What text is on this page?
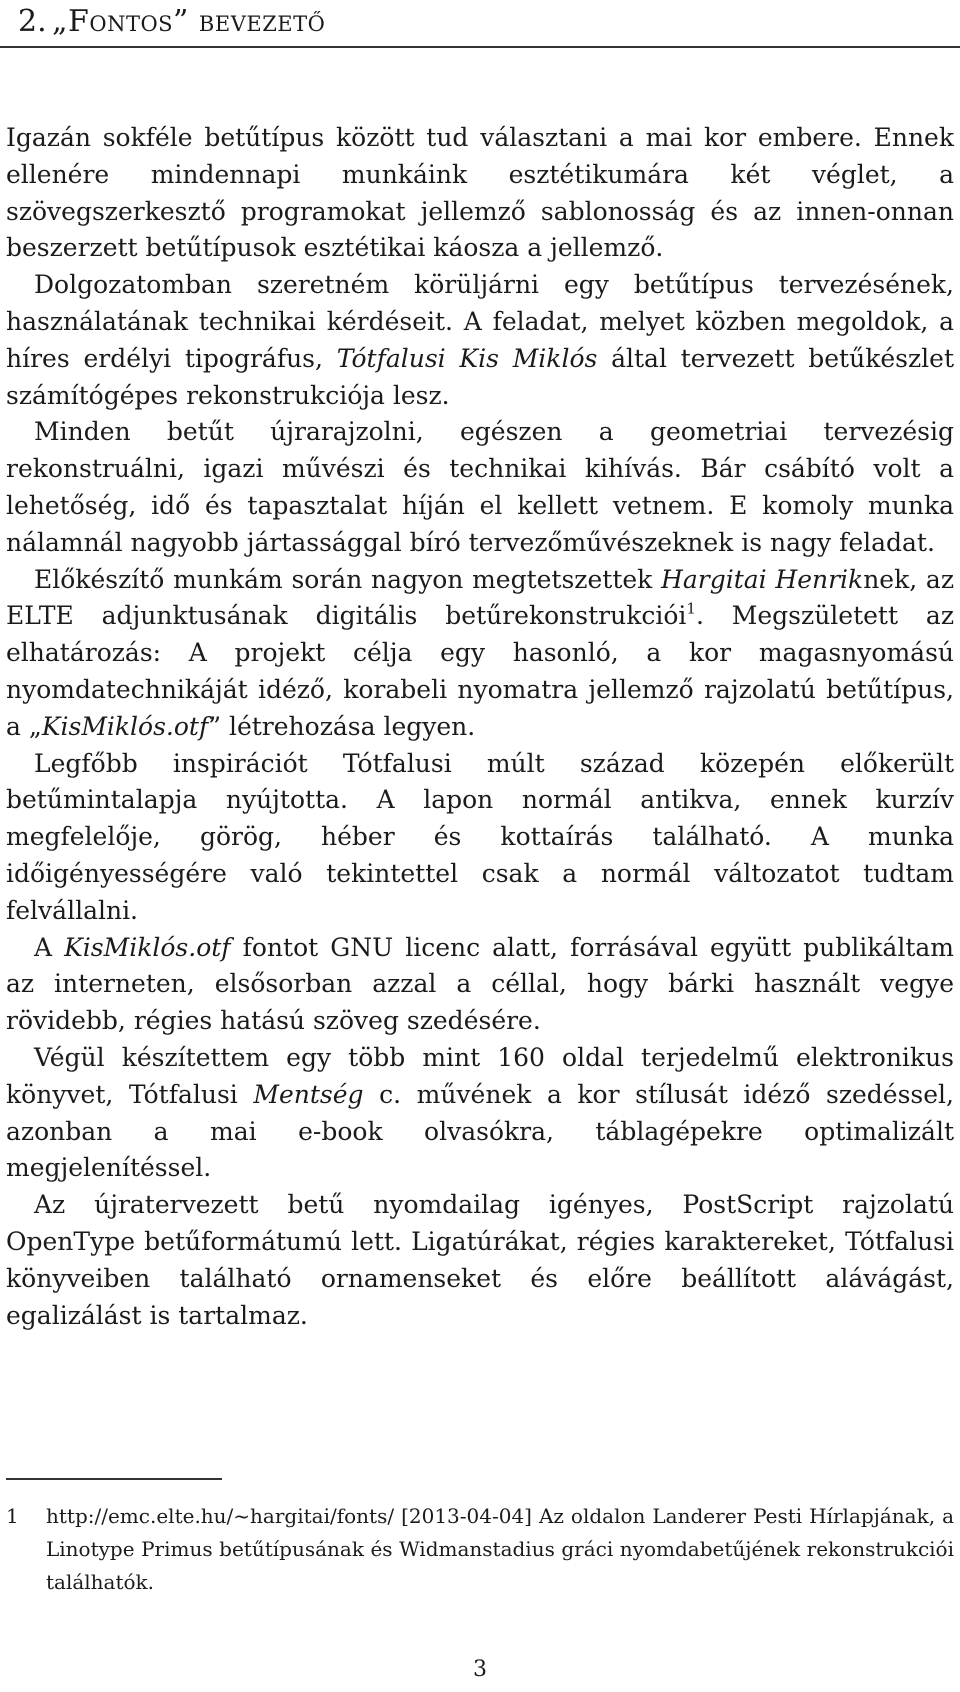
2. „Fontos” bevezető

Igazán sokféle betűtípus között tud választani a mai kor embere. Ennek ellenére mindennapi munkáink esztétikumára két véglet, a szövegszerkesztő programokat jellemző sablonosság és az innen-onnan beszerzett betűtípusok esztétikai káosza a jellemző.

Dolgozatomban szeretném körüljárni egy betűtípus tervezésének, használatának technikai kérdéseit. A feladat, melyet közben megoldok, a híres erdélyi tipográfus, Tótfalusi Kis Miklós által tervezett betűkészlet számítógépes rekonstrukciója lesz.

Minden betűt újrarajzolni, egészen a geometriai tervezésig rekonstruálni, igazi művészi és technikai kihívás. Bár csábító volt a lehetőség, idő és tapasztalat híján el kellett vetnem. E komoly munka nálamnál nagyobb jártassággal bíró tervezőművészeknek is nagy feladat.

Előkészítő munkám során nagyon megtetszettek Hargitai Henriknek, az ELTE adjunktusának digitális betűrekonstrukciói$^1$. Megszületett az elhatározás: A projekt célja egy hasonló, a kor magasnyomású nyomdatechnikáját idéző, korabeli nyomatra jellemző rajzolatú betűtípus, a „KisMiklós.otf” létrehozása legyen.

Legfőbb inspirációt Tótfalusi múlt század közepén előkerült betűmintalapja nyújtotta. A lapon normál antikva, ennek kurzív megfelelője, görög, héber és kottaírás található. A munka időigényességére való tekintettel csak a normál változatot tudtam felvállalni.

A KisMiklós.otf fontot GNU licenc alatt, forrásával együtt publikáltam az interneten, elsősorban azzal a céllal, hogy bárki használt vegye rövidebb, régies hatású szöveg szedésére.

Végül készítettem egy több mint 160 oldal terjedelmű elektronikus könyvet, Tótfalusi Mentség c. művének a kor stílusát idéző szedéssel, azonban a mai e-book olvasókra, táblagépekre optimalizált megjelenítéssel.

Az újratervezett betű nyomdailag igényes, PostScript rajzolatú OpenType betűformátumú lett. Ligatúrákat, régies karaktereket, Tótfalusi könyveiben található ornamenseket és előre beállított alávágást, egalizálást is tartalmaz.

1	http://emc.elte.hu/~hargitai/fonts/ [2013-04-04] Az oldalon Landerer Pesti Hírlapjának, a Linotype Primus betűtípusának és Widmanstadius gráci nyomdabetűjének rekonstrukciói találhatók.
3
